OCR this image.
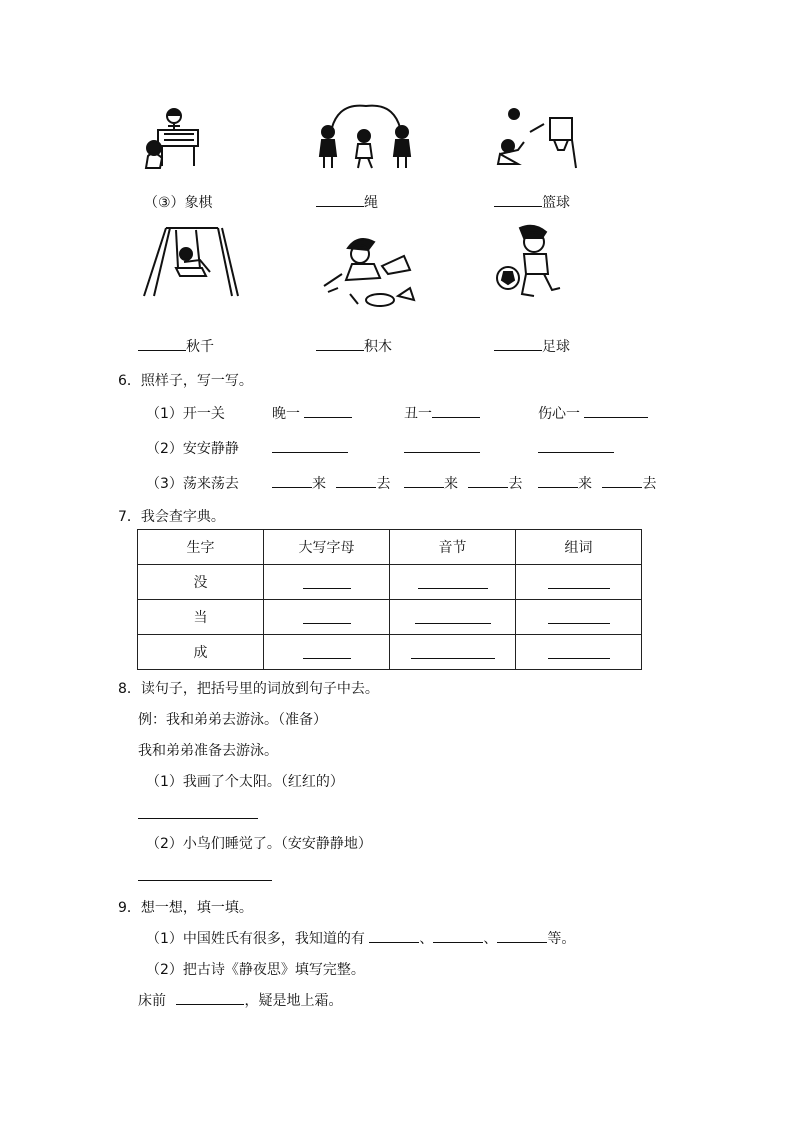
（③）象棋	绳	篮球
秋千	积木	足球
6．照样子，写一写。
（1）开一关	晚一	丑一	伤心一
（2）安安静静
（3）荡来荡去	来	去	来	去	来	去
7．我会查字典。
生字	大写字母	音节	组词
没			
当			
成			
8．读句子，把括号里的词放到句子中去。
例：我和弟弟去游泳。（准备）
我和弟弟准备去游泳。
（1）我画了个太阳。（红红的）
（2）小鸟们睡觉了。（安安静静地）
9．想一想，填一填。
（1）中国姓氏有很多，我知道的有	、	、	等。
（2）把古诗《静夜思》填写完整。
床前	，疑是地上霜。
